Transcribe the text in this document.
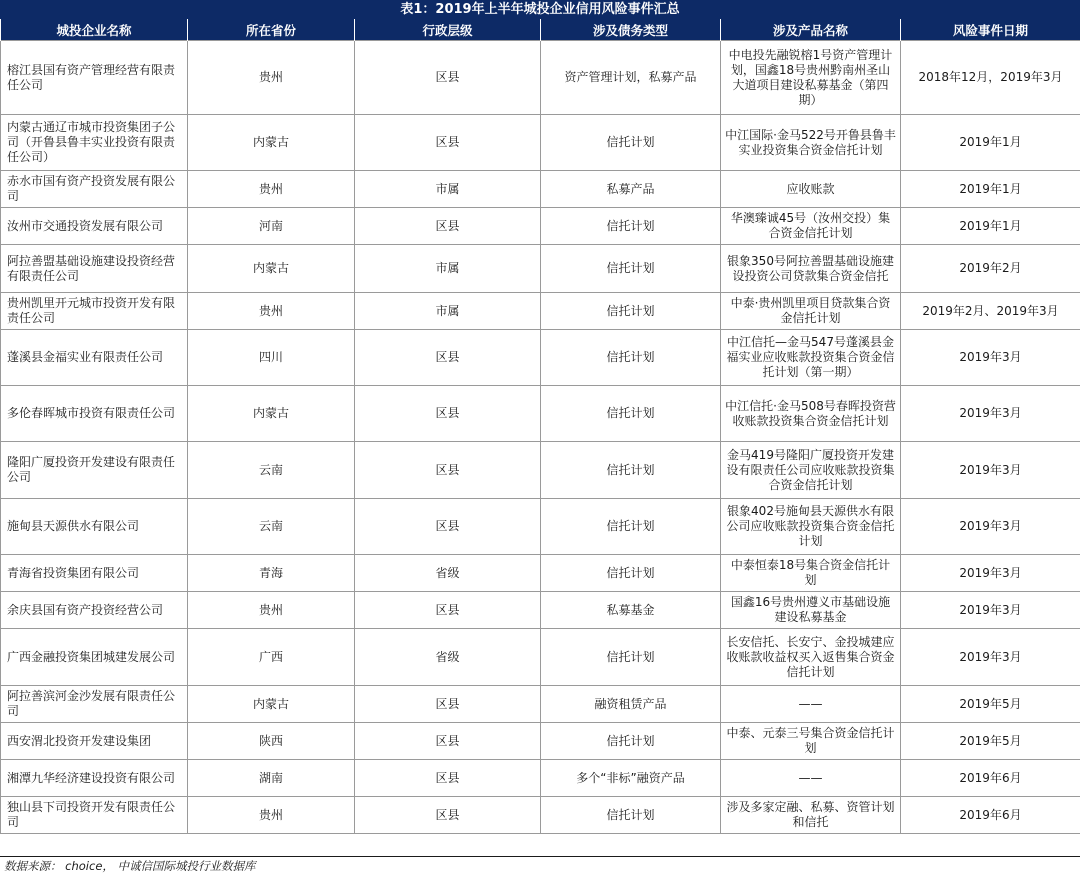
表1：2019年上半年城投企业信用风险事件汇总
城投企业名称	所在省份	行政层级	涉及债务类型	涉及产品名称	风险事件日期
榕江县国有资产管理经营有限责任公司	贵州	区县	资产管理计划，私募产品	中电投先融锐榕1号资产管理计划，国鑫18号贵州黔南州圣山大道项目建设私募基金（第四期）	2018年12月，2019年3月
内蒙古通辽市城市投资集团子公司（开鲁县鲁丰实业投资有限责任公司）	内蒙古	区县	信托计划	中江国际·金马522号开鲁县鲁丰实业投资集合资金信托计划	2019年1月
赤水市国有资产投资发展有限公司	贵州	市属	私募产品	应收账款	2019年1月
汝州市交通投资发展有限公司	河南	区县	信托计划	华澳臻诚45号（汝州交投）集合资金信托计划	2019年1月
阿拉善盟基础设施建设投资经营有限责任公司	内蒙古	市属	信托计划	银象350号阿拉善盟基础设施建设投资公司贷款集合资金信托	2019年2月
贵州凯里开元城市投资开发有限责任公司	贵州	市属	信托计划	中泰·贵州凯里项目贷款集合资金信托计划	2019年2月、2019年3月
蓬溪县金福实业有限责任公司	四川	区县	信托计划	中江信托—金马547号蓬溪县金福实业应收账款投资集合资金信托计划（第一期）	2019年3月
多伦春晖城市投资有限责任公司	内蒙古	区县	信托计划	中江信托·金马508号春晖投资营收账款投资集合资金信托计划	2019年3月
隆阳广厦投资开发建设有限责任公司	云南	区县	信托计划	金马419号隆阳广厦投资开发建设有限责任公司应收账款投资集合资金信托计划	2019年3月
施甸县天源供水有限公司	云南	区县	信托计划	银象402号施甸县天源供水有限公司应收账款投资集合资金信托计划	2019年3月
青海省投资集团有限公司	青海	省级	信托计划	中泰恒泰18号集合资金信托计划	2019年3月
余庆县国有资产投资经营公司	贵州	区县	私募基金	国鑫16号贵州遵义市基础设施建设私募基金	2019年3月
广西金融投资集团城建发展公司	广西	省级	信托计划	长安信托、长安宁、金投城建应收账款收益权买入返售集合资金信托计划	2019年3月
阿拉善滨河金沙发展有限责任公司	内蒙古	区县	融资租赁产品	——	2019年5月
西安渭北投资开发建设集团	陕西	区县	信托计划	中泰、元泰三号集合资金信托计划	2019年5月
湘潭九华经济建设投资有限公司	湖南	区县	多个“非标”融资产品	——	2019年6月
独山县下司投资开发有限责任公司	贵州	区县	信托计划	涉及多家定融、私募、资管计划和信托	2019年6月
数据来源： choice， 中诚信国际城投行业数据库
